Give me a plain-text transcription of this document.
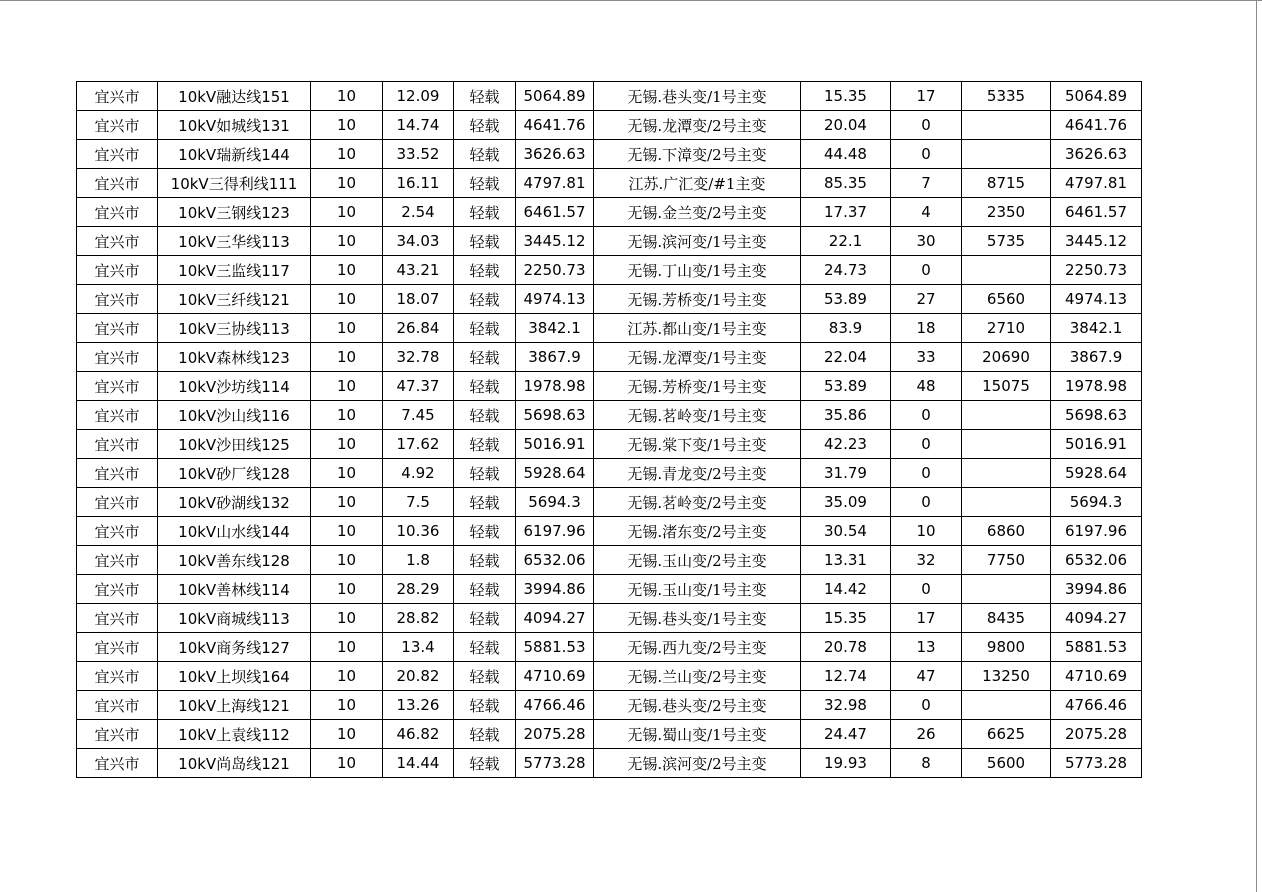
宜兴市	10kV融达线151	10	12.09	轻载	5064.89	无锡.巷头变/1号主变	15.35	17	5335	5064.89
宜兴市	10kV如城线131	10	14.74	轻载	4641.76	无锡.龙潭变/2号主变	20.04	0		4641.76
宜兴市	10kV瑞新线144	10	33.52	轻载	3626.63	无锡.下漳变/2号主变	44.48	0		3626.63
宜兴市	10kV三得利线111	10	16.11	轻载	4797.81	江苏.广汇变/#1主变	85.35	7	8715	4797.81
宜兴市	10kV三钢线123	10	2.54	轻载	6461.57	无锡.金兰变/2号主变	17.37	4	2350	6461.57
宜兴市	10kV三华线113	10	34.03	轻载	3445.12	无锡.滨河变/1号主变	22.1	30	5735	3445.12
宜兴市	10kV三监线117	10	43.21	轻载	2250.73	无锡.丁山变/1号主变	24.73	0		2250.73
宜兴市	10kV三纤线121	10	18.07	轻载	4974.13	无锡.芳桥变/1号主变	53.89	27	6560	4974.13
宜兴市	10kV三协线113	10	26.84	轻载	3842.1	江苏.都山变/1号主变	83.9	18	2710	3842.1
宜兴市	10kV森林线123	10	32.78	轻载	3867.9	无锡.龙潭变/1号主变	22.04	33	20690	3867.9
宜兴市	10kV沙坊线114	10	47.37	轻载	1978.98	无锡.芳桥变/1号主变	53.89	48	15075	1978.98
宜兴市	10kV沙山线116	10	7.45	轻载	5698.63	无锡.茗岭变/1号主变	35.86	0		5698.63
宜兴市	10kV沙田线125	10	17.62	轻载	5016.91	无锡.棠下变/1号主变	42.23	0		5016.91
宜兴市	10kV砂厂线128	10	4.92	轻载	5928.64	无锡.青龙变/2号主变	31.79	0		5928.64
宜兴市	10kV砂湖线132	10	7.5	轻载	5694.3	无锡.茗岭变/2号主变	35.09	0		5694.3
宜兴市	10kV山水线144	10	10.36	轻载	6197.96	无锡.渚东变/2号主变	30.54	10	6860	6197.96
宜兴市	10kV善东线128	10	1.8	轻载	6532.06	无锡.玉山变/2号主变	13.31	32	7750	6532.06
宜兴市	10kV善林线114	10	28.29	轻载	3994.86	无锡.玉山变/1号主变	14.42	0		3994.86
宜兴市	10kV商城线113	10	28.82	轻载	4094.27	无锡.巷头变/1号主变	15.35	17	8435	4094.27
宜兴市	10kV商务线127	10	13.4	轻载	5881.53	无锡.西九变/2号主变	20.78	13	9800	5881.53
宜兴市	10kV上坝线164	10	20.82	轻载	4710.69	无锡.兰山变/2号主变	12.74	47	13250	4710.69
宜兴市	10kV上海线121	10	13.26	轻载	4766.46	无锡.巷头变/2号主变	32.98	0		4766.46
宜兴市	10kV上袁线112	10	46.82	轻载	2075.28	无锡.蜀山变/1号主变	24.47	26	6625	2075.28
宜兴市	10kV尚岛线121	10	14.44	轻载	5773.28	无锡.滨河变/2号主变	19.93	8	5600	5773.28
